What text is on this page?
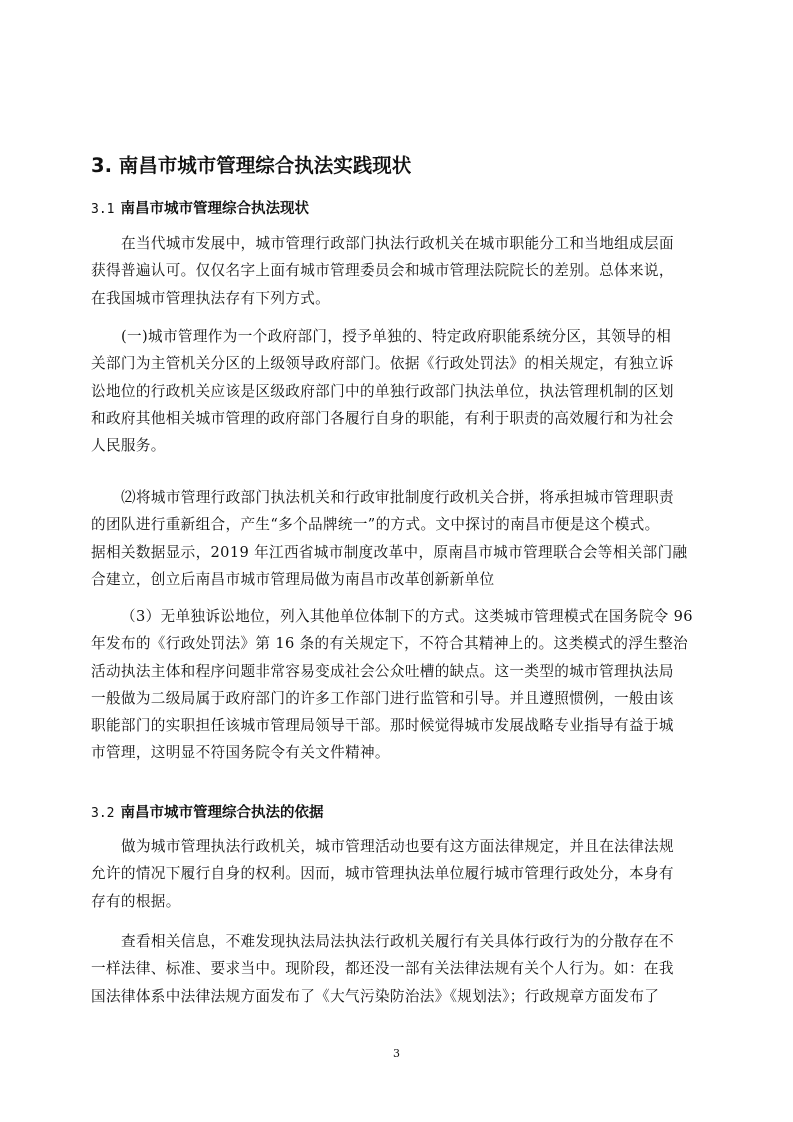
3. 南昌市城市管理综合执法实践现状
3.1 南昌市城市管理综合执法现状
在当代城市发展中，城市管理行政部门执法行政机关在城市职能分工和当地组成层面
获得普遍认可。仅仅名字上面有城市管理委员会和城市管理法院院长的差别。总体来说，
在我国城市管理执法存有下列方式。
(一)城市管理作为一个政府部门，授予单独的、特定政府职能系统分区，其领导的相
关部门为主管机关分区的上级领导政府部门。依据《行政处罚法》的相关规定，有独立诉
讼地位的行政机关应该是区级政府部门中的单独行政部门执法单位，执法管理机制的区划
和政府其他相关城市管理的政府部门各履行自身的职能，有利于职责的高效履行和为社会
人民服务。
⑵将城市管理行政部门执法机关和行政审批制度行政机关合拼，将承担城市管理职责
的团队进行重新组合，产生“多个品牌统一”的方式。文中探讨的南昌市便是这个模式。
据相关数据显示，2019 年江西省城市制度改革中，原南昌市城市管理联合会等相关部门融
合建立，创立后南昌市城市管理局做为南昌市改革创新新单位
（3）无单独诉讼地位，列入其他单位体制下的方式。这类城市管理模式在国务院令 96
年发布的《行政处罚法》第 16 条的有关规定下，不符合其精神上的。这类模式的浮生整治
活动执法主体和程序问题非常容易变成社会公众吐槽的缺点。这一类型的城市管理执法局
一般做为二级局属于政府部门的许多工作部门进行监管和引导。并且遵照惯例，一般由该
职能部门的实职担任该城市管理局领导干部。那时候觉得城市发展战略专业指导有益于城
市管理，这明显不符国务院令有关文件精神。
3.2 南昌市城市管理综合执法的依据
做为城市管理执法行政机关，城市管理活动也要有这方面法律规定，并且在法律法规
允许的情况下履行自身的权利。因而，城市管理执法单位履行城市管理行政处分，本身有
存有的根据。
查看相关信息，不难发现执法局法执法行政机关履行有关具体行政行为的分散存在不
一样法律、标准、要求当中。现阶段，都还没一部有关法律法规有关个人行为。如：在我
国法律体系中法律法规方面发布了《大气污染防治法》《规划法》；行政规章方面发布了
3
